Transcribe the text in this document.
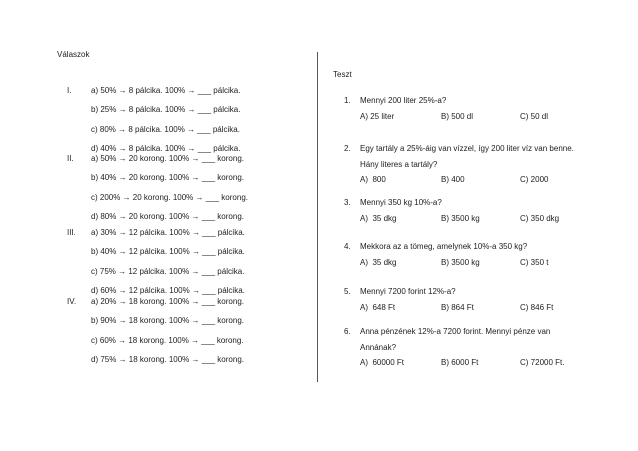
Válaszok
I. a) 50% → 8 pálcika. 100% → ___ pálcika.
b) 25% → 8 pálcika. 100% → ___ pálcika.
c) 80% → 8 pálcika. 100% → ___ pálcika.
d) 40% → 8 pálcika. 100% → ___ pálcika.
II. a) 50% → 20 korong. 100% → ___ korong.
b) 40% → 20 korong. 100% → ___ korong.
c) 200% → 20 korong. 100% → ___ korong.
d) 80% → 20 korong. 100% → ___ korong.
III. a) 30% → 12 pálcika. 100% → ___ pálcika.
b) 40% → 12 pálcika. 100% → ___ pálcika.
c) 75% → 12 pálcika. 100% → ___ pálcika.
d) 60% → 12 pálcika. 100% → ___ pálcika.
IV. a) 20% → 18 korong. 100% → ___ korong.
b) 90% → 18 korong. 100% → ___ korong.
c) 60% → 18 korong. 100% → ___ korong.
d) 75% → 18 korong. 100% → ___ korong.
Teszt
1. Mennyi 200 liter 25%-a?
A) 25 liter	B) 500 dl	C) 50 dl
2. Egy tartály a 25%-áig van vízzel, így 200 liter víz van benne.
Hány literes a tartály?
A)  800	B) 400	C) 2000
3. Mennyi 350 kg 10%-a?
A)  35 dkg	B) 3500 kg	C) 350 dkg
4. Mekkora az a tömeg, amelynek 10%-a 350 kg?
A)  35 dkg	B) 3500 kg	C) 350 t
5. Mennyi 7200 forint 12%-a?
A)  648 Ft	B) 864 Ft	C) 846 Ft
6. Anna pénzének 12%-a 7200 forint. Mennyi pénze van
Annának?
A)  60000 Ft	B) 6000 Ft	C) 72000 Ft.
